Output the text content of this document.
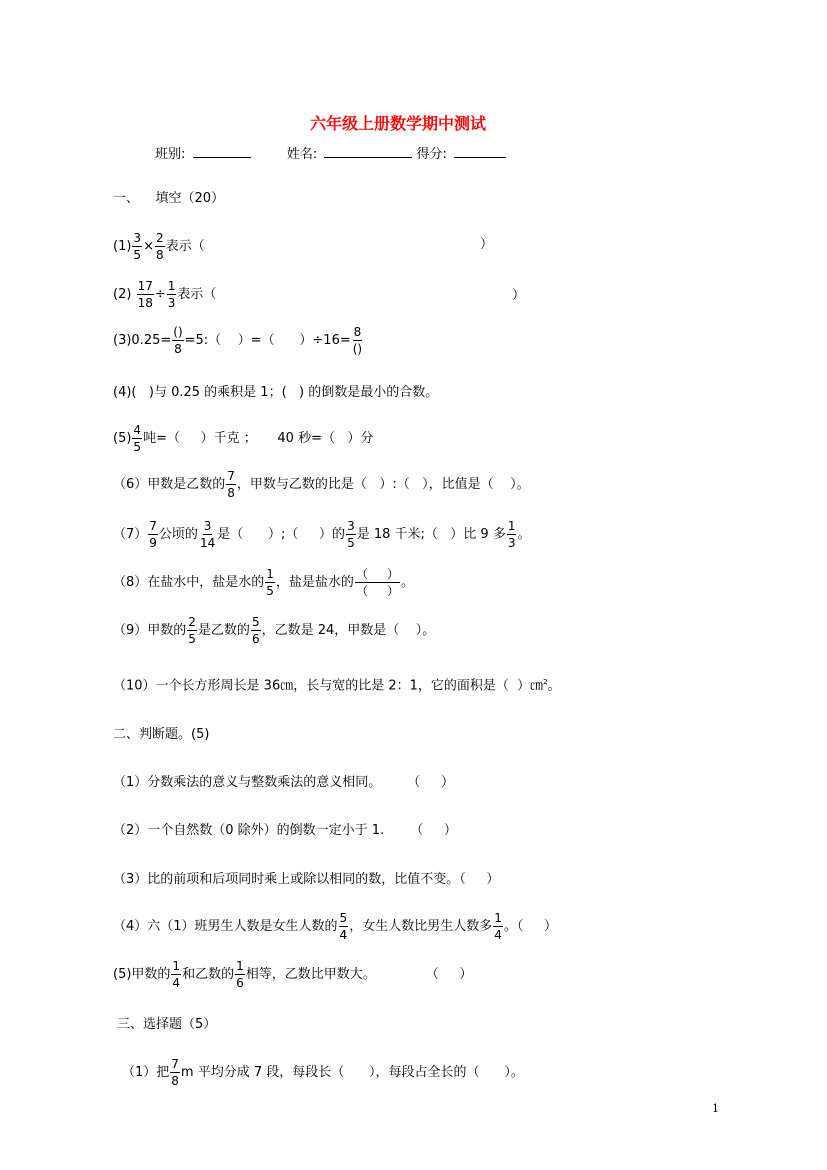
六年级上册数学期中测试
班别:	姓名:	得分:
一、    填空（20）
$(1) \frac{3}{5} \times \frac{2}{8}$ 表示（	）
$(2) \frac{17}{18} \div \frac{1}{3}$ 表示（	）
$(3)0.25= \frac{()}{8}$ =5:（    ）=（      ）$\div 16= \frac{8}{()}$
(4)(   )与 0.25 的乘积是 1；(   ) 的倒数是最小的合数。
$(5) \frac{4}{5}$ 吨=（     ）千克 ；     40 秒=（   ）分
（6）甲数是乙数的 $\frac{7}{8}$ ，甲数与乙数的比是（   ）:（   ），比值是（    ）。
$(7) \frac{7}{9}$ 公顷的 $\frac{3}{14}$ 是（      ）;（     ）的 $\frac{3}{5}$ 是 18 千米;（   ）比 9 多 $\frac{1}{3}$ 。
（8）在盐水中，盐是水的 $\frac{1}{5}$ ，盐是盐水的 $\frac{( )}{( )}$ 。
（9）甲数的 $\frac{2}{5}$ 是乙数的 $\frac{5}{6}$ ，乙数是 24，甲数是（    ）。
（10）一个长方形周长是 36㎝，长与宽的比是 2：1，它的面积是（  ）㎝$^2$。
二、判断题。(5)
（1）分数乘法的意义与整数乘法的意义相同。 （     ）
（2）一个自然数（0 除外）的倒数一定小于 1. （     ）
（3）比的前项和后项同时乘上或除以相同的数，比值不变。（     ）
（4）六（1）班男生人数是女生人数的 $\frac{5}{4}$ ，女生人数比男生人数多 $\frac{1}{4}$ 。（     ）
(5)甲数的 $\frac{1}{4}$ 和乙数的 $\frac{1}{6}$ 相等，乙数比甲数大。	（     ）
三、选择题（5）
（1）把 $\frac{7}{8}$ m 平均分成 7 段，每段长（      ），每段占全长的（      ）。
1
